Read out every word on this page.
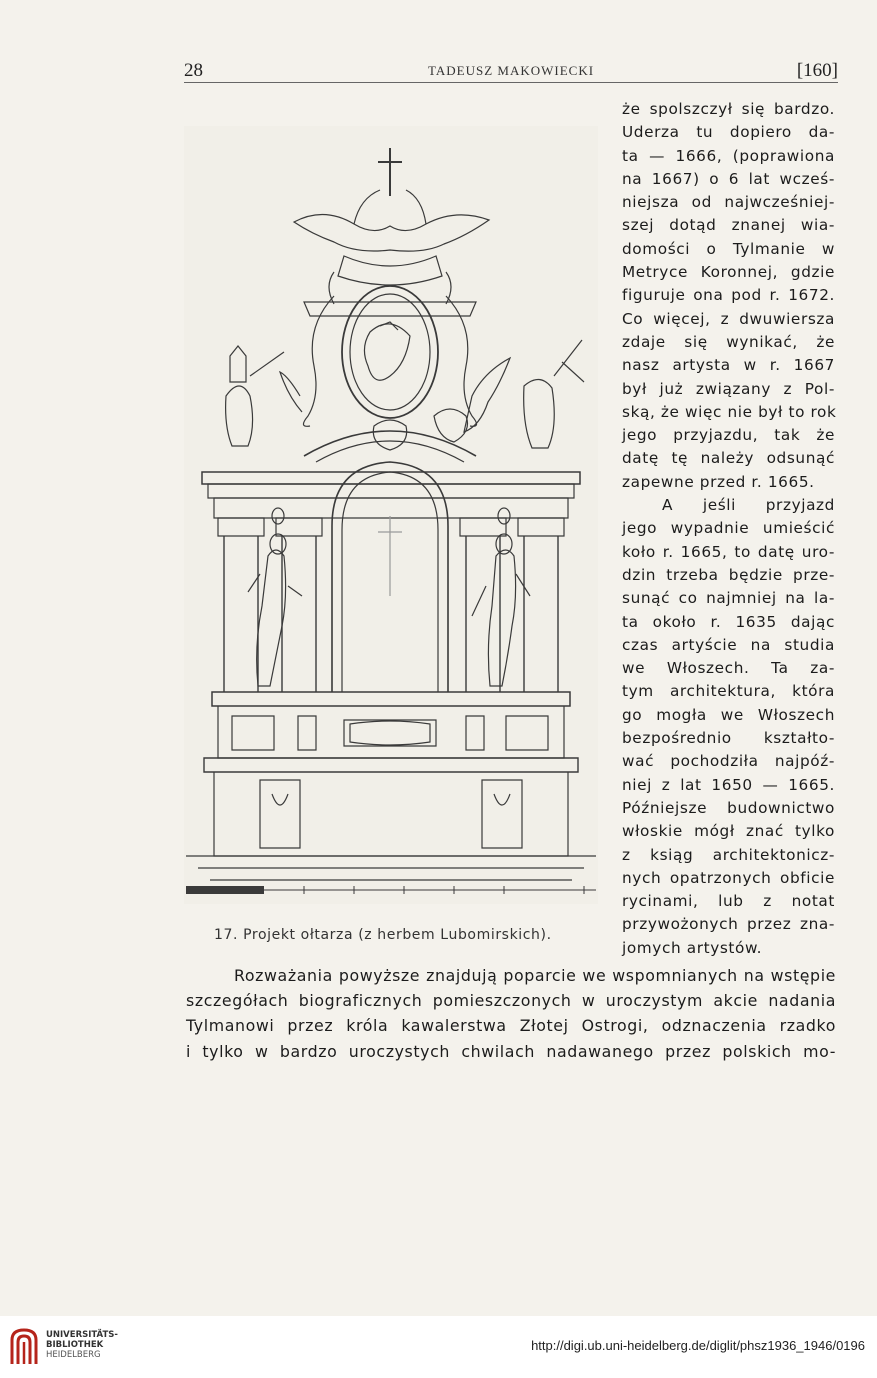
28	TADEUSZ MAKOWIECKI	[160]
17. Projekt ołtarza (z herbem Lubomirskich).
że spolszczył się bardzo.
Uderza tu dopiero da-
ta — 1666, (poprawiona
na 1667) o 6 lat wcześ-
niejsza od najwcześniej-
szej dotąd znanej wia-
domości o Tylmanie w
Metryce Koronnej, gdzie
figuruje ona pod r. 1672.
Co więcej, z dwuwiersza
zdaje się wynikać, że
nasz artysta w r. 1667
był już związany z Pol-
ską, że więc nie był to rok
jego przyjazdu, tak że
datę tę należy odsunąć
zapewne przed r. 1665.
A jeśli przyjazd
jego wypadnie umieścić
koło r. 1665, to datę uro-
dzin trzeba będzie prze-
sunąć co najmniej na la-
ta około r. 1635 dając
czas artyście na studia
we Włoszech. Ta za-
tym architektura, która
go mogła we Włoszech
bezpośrednio kształto-
wać pochodziła najpóź-
niej z lat 1650 — 1665.
Późniejsze budownictwo
włoskie mógł znać tylko
z ksiąg architektonicz-
nych opatrzonych obficie
rycinami, lub z notat
przywożonych przez zna-
jomych artystów.
Rozważania powyższe znajdują poparcie we wspomnianych na wstępie
szczegółach biograficznych pomieszczonych w uroczystym akcie nadania
Tylmanowi przez króla kawalerstwa Złotej Ostrogi, odznaczenia rzadko
i tylko w bardzo uroczystych chwilach nadawanego przez polskich mo-
UNIVERSITÄTS-
BIBLIOTHEK
HEIDELBERG
http://digi.ub.uni-heidelberg.de/diglit/phsz1936_1946/0196
